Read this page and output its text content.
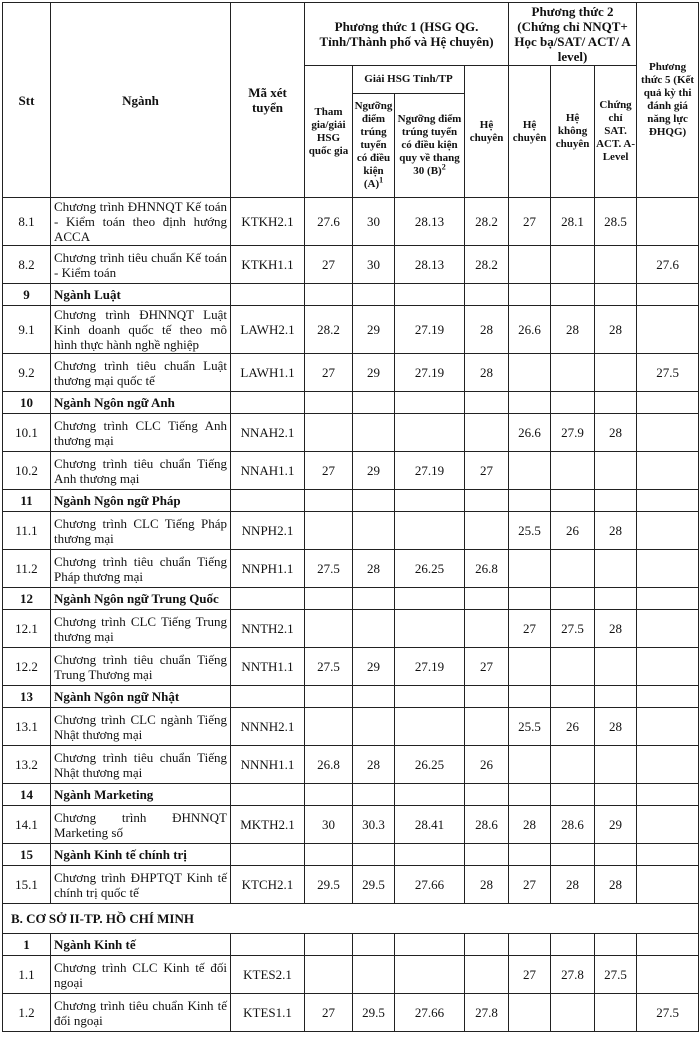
Stt	Ngành	Mã xét tuyển	Phương thức 1 (HSG QG. Tỉnh/Thành phố và Hệ chuyên)				Phương thức 2 (Chứng chỉ NNQT+ Học bạ/SAT/ ACT/ A level)			Phương thức 5 (Kết quả kỳ thi đánh giá năng lực ĐHQG)
			Tham gia/giải HSG quốc gia	Giải HSG Tỉnh/TP		Hệ chuyên	Hệ chuyên	Hệ không chuyên	Chứng chỉ SAT. ACT. A-Level	
				Ngưỡng điểm trúng tuyển có điều kiện $(A)^1$	Ngưỡng điểm trúng tuyển có điều kiện quy về thang 30 $(B)^2$
8.1	Chương trình ĐHNNQT Kế toán - Kiểm toán theo định hướng ACCA	KTKH2.1	27.6	30	28.13	28.2	27	28.1	28.5	
8.2	Chương trình tiêu chuẩn Kế toán - Kiểm toán	KTKH1.1	27	30	28.13	28.2				27.6
9	Ngành Luật									
9.1	Chương trình ĐHNNQT Luật Kinh doanh quốc tế theo mô hình thực hành nghề nghiệp	LAWH2.1	28.2	29	27.19	28	26.6	28	28	
9.2	Chương trình tiêu chuẩn Luật thương mại quốc tế	LAWH1.1	27	29	27.19	28				27.5
10	Ngành Ngôn ngữ Anh									
10.1	Chương trình CLC Tiếng Anh thương mại	NNAH2.1					26.6	27.9	28	
10.2	Chương trình tiêu chuẩn Tiếng Anh thương mại	NNAH1.1	27	29	27.19	27				
11	Ngành Ngôn ngữ Pháp									
11.1	Chương trình CLC Tiếng Pháp thương mại	NNPH2.1					25.5	26	28	
11.2	Chương trình tiêu chuẩn Tiếng Pháp thương mại	NNPH1.1	27.5	28	26.25	26.8				
12	Ngành Ngôn ngữ Trung Quốc									
12.1	Chương trình CLC Tiếng Trung thương mại	NNTH2.1					27	27.5	28	
12.2	Chương trình tiêu chuẩn Tiếng Trung Thương mại	NNTH1.1	27.5	29	27.19	27				
13	Ngành Ngôn ngữ Nhật									
13.1	Chương trình CLC ngành Tiếng Nhật thương mại	NNNH2.1					25.5	26	28	
13.2	Chương trình tiêu chuẩn Tiếng Nhật thương mại	NNNH1.1	26.8	28	26.25	26				
14	Ngành Marketing									
14.1	Chương trình ĐHNNQT Marketing số	MKTH2.1	30	30.3	28.41	28.6	28	28.6	29	
15	Ngành Kinh tế chính trị									
15.1	Chương trình ĐHPTQT Kinh tế chính trị quốc tế	KTCH2.1	29.5	29.5	27.66	28	27	28	28	
B. CƠ SỞ II-TP. HỒ CHÍ MINH										
1	Ngành Kinh tế									
1.1	Chương trình CLC Kinh tế đối ngoại	KTES2.1					27	27.8	27.5	
1.2	Chương trình tiêu chuẩn Kinh tế đối ngoại	KTES1.1	27	29.5	27.66	27.8				27.5
